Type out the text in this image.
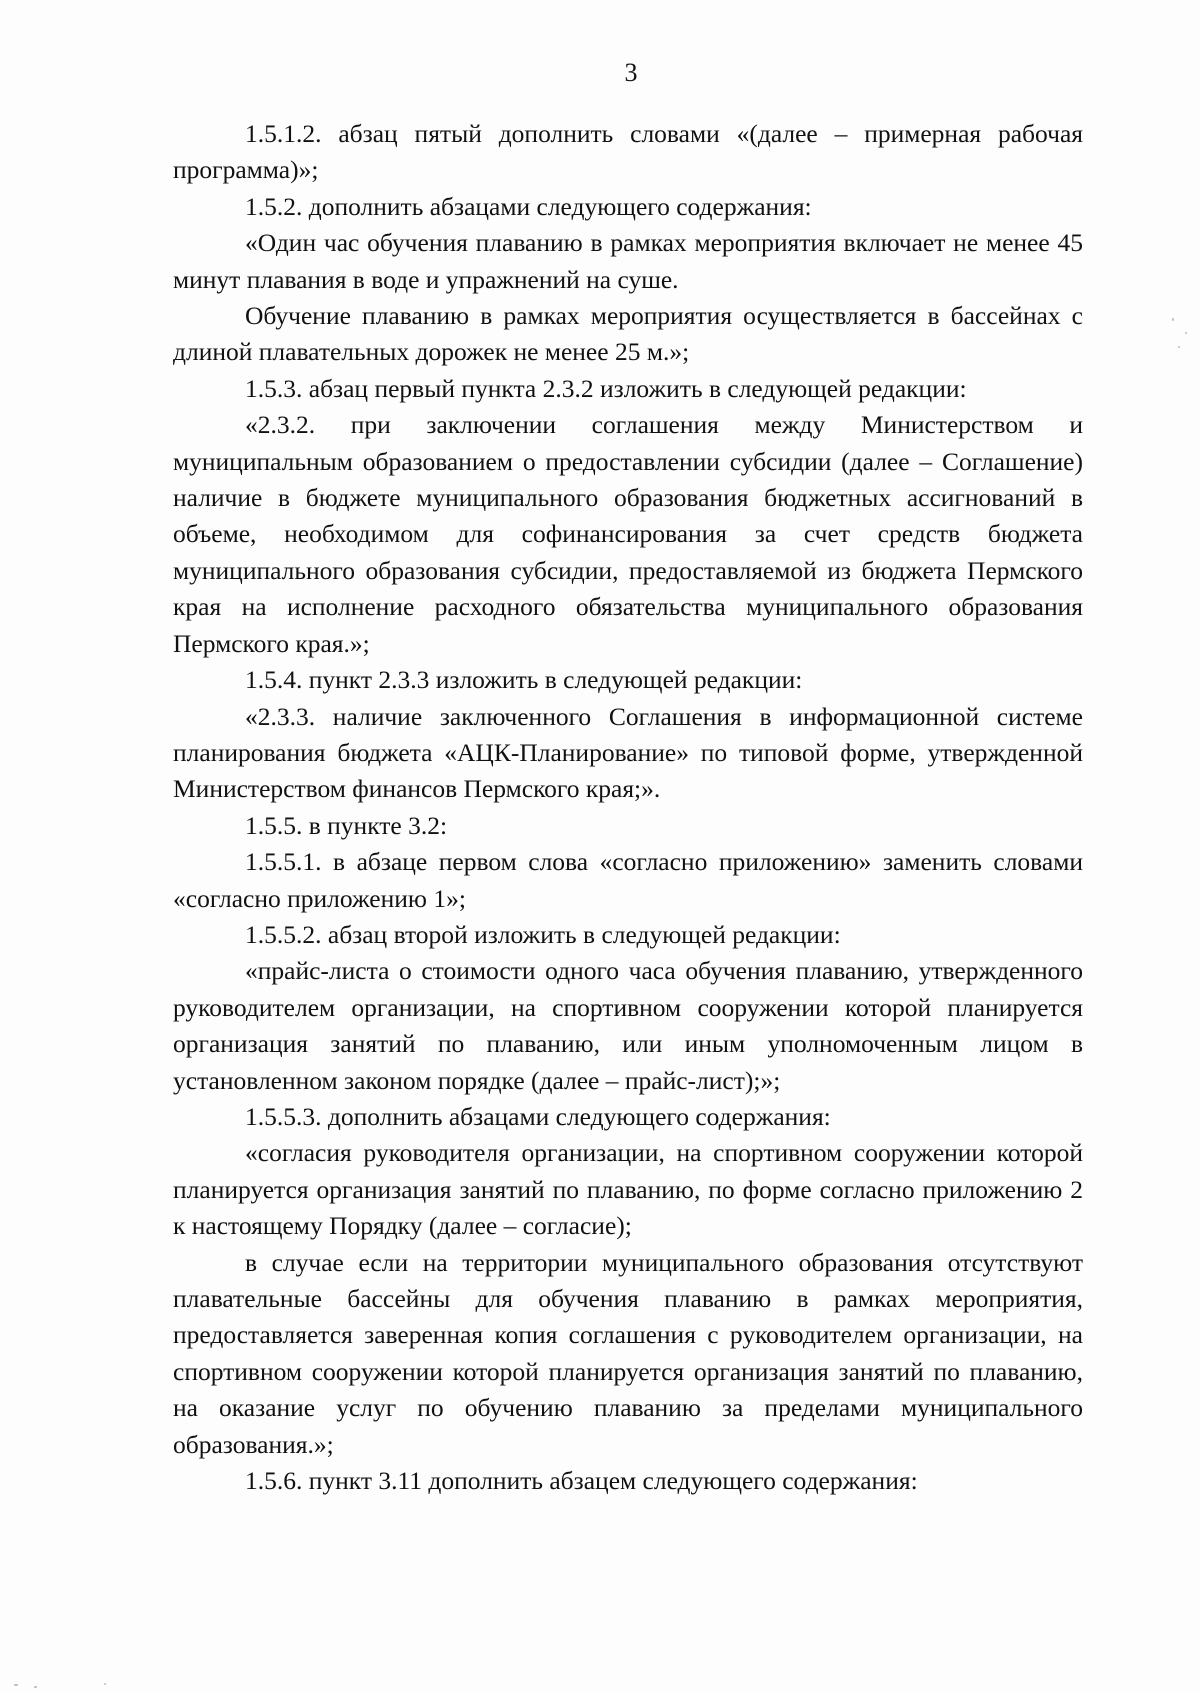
3

1.5.1.2. абзац пятый дополнить словами «(далее – примерная рабочая программа)»;

1.5.2. дополнить абзацами следующего содержания:

«Один час обучения плаванию в рамках мероприятия включает не менее 45 минут плавания в воде и упражнений на суше.

Обучение плаванию в рамках мероприятия осуществляется в бассейнах с длиной плавательных дорожек не менее 25 м.»;

1.5.3. абзац первый пункта 2.3.2 изложить в следующей редакции:

«2.3.2. при заключении соглашения между Министерством и муниципальным образованием о предоставлении субсидии (далее – Соглашение) наличие в бюджете муниципального образования бюджетных ассигнований в объеме, необходимом для софинансирования за счет средств бюджета муниципального образования субсидии, предоставляемой из бюджета Пермского края на исполнение расходного обязательства муниципального образования Пермского края.»;

1.5.4. пункт 2.3.3 изложить в следующей редакции:

«2.3.3. наличие заключенного Соглашения в информационной системе планирования бюджета «АЦК-Планирование» по типовой форме, утвержденной Министерством финансов Пермского края;».

1.5.5. в пункте 3.2:

1.5.5.1. в абзаце первом слова «согласно приложению» заменить словами «согласно приложению 1»;

1.5.5.2. абзац второй изложить в следующей редакции:

«прайс-листа о стоимости одного часа обучения плаванию, утвержденного руководителем организации, на спортивном сооружении которой планируется организация занятий по плаванию, или иным уполномоченным лицом в установленном законом порядке (далее – прайс-лист);»;

1.5.5.3. дополнить абзацами следующего содержания:

«согласия руководителя организации, на спортивном сооружении которой планируется организация занятий по плаванию, по форме согласно приложению 2 к настоящему Порядку (далее – согласие);

в случае если на территории муниципального образования отсутствуют плавательные бассейны для обучения плаванию в рамках мероприятия, предоставляется заверенная копия соглашения с руководителем организации, на спортивном сооружении которой планируется организация занятий по плаванию, на оказание услуг по обучению плаванию за пределами муниципального образования.»;

1.5.6. пункт 3.11 дополнить абзацем следующего содержания:
